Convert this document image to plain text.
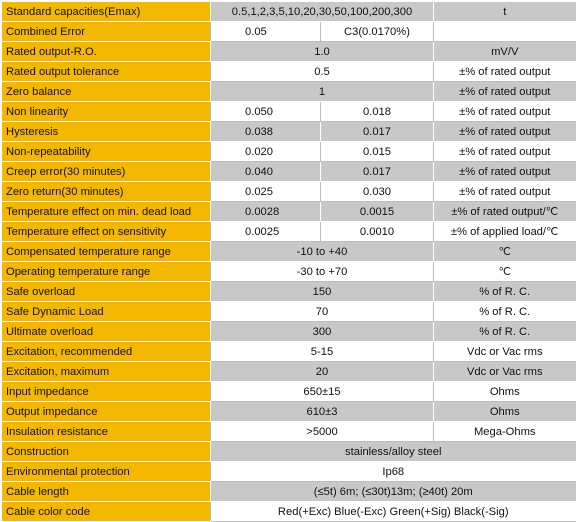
Standard capacities(Emax)	0.5,1,2,3,5,10,20,30,50,100,200,300		t
Combined Error	0.05	C3(0.0170%)	
Rated output-R.O.	1.0		mV/V
Rated output tolerance	0.5		±% of rated output
Zero balance	1		±% of rated output
Non linearity	0.050	0.018	±% of rated output
Hysteresis	0.038	0.017	±% of rated output
Non-repeatability	0.020	0.015	±% of rated output
Creep error(30 minutes)	0.040	0.017	±% of rated output
Zero return(30 minutes)	0.025	0.030	±% of rated output
Temperature effect on min. dead load	0.0028	0.0015	±% of rated output/℃
Temperature effect on sensitivity	0.0025	0.0010	±% of applied load/℃
Compensated temperature range	-10 to +40		℃
Operating temperature range	-30 to +70		℃
Safe overload	150		% of R. C.
Safe Dynamic Load	70		% of R. C.
Ultimate overload	300		% of R. C.
Excitation, recommended	5-15		Vdc or Vac rms
Excitation, maximum	20		Vdc or Vac rms
Input impedance	650±15		Ohms
Output impedance	610±3		Ohms
Insulation resistance	>5000		Mega-Ohms
Construction	stainless/alloy steel		
Environmental protection	Ip68		
Cable length	(≤5t) 6m; (≤30t)13m; (≥40t) 20m		
Cable color code	Red(+Exc) Blue(-Exc) Green(+Sig) Black(-Sig)		
